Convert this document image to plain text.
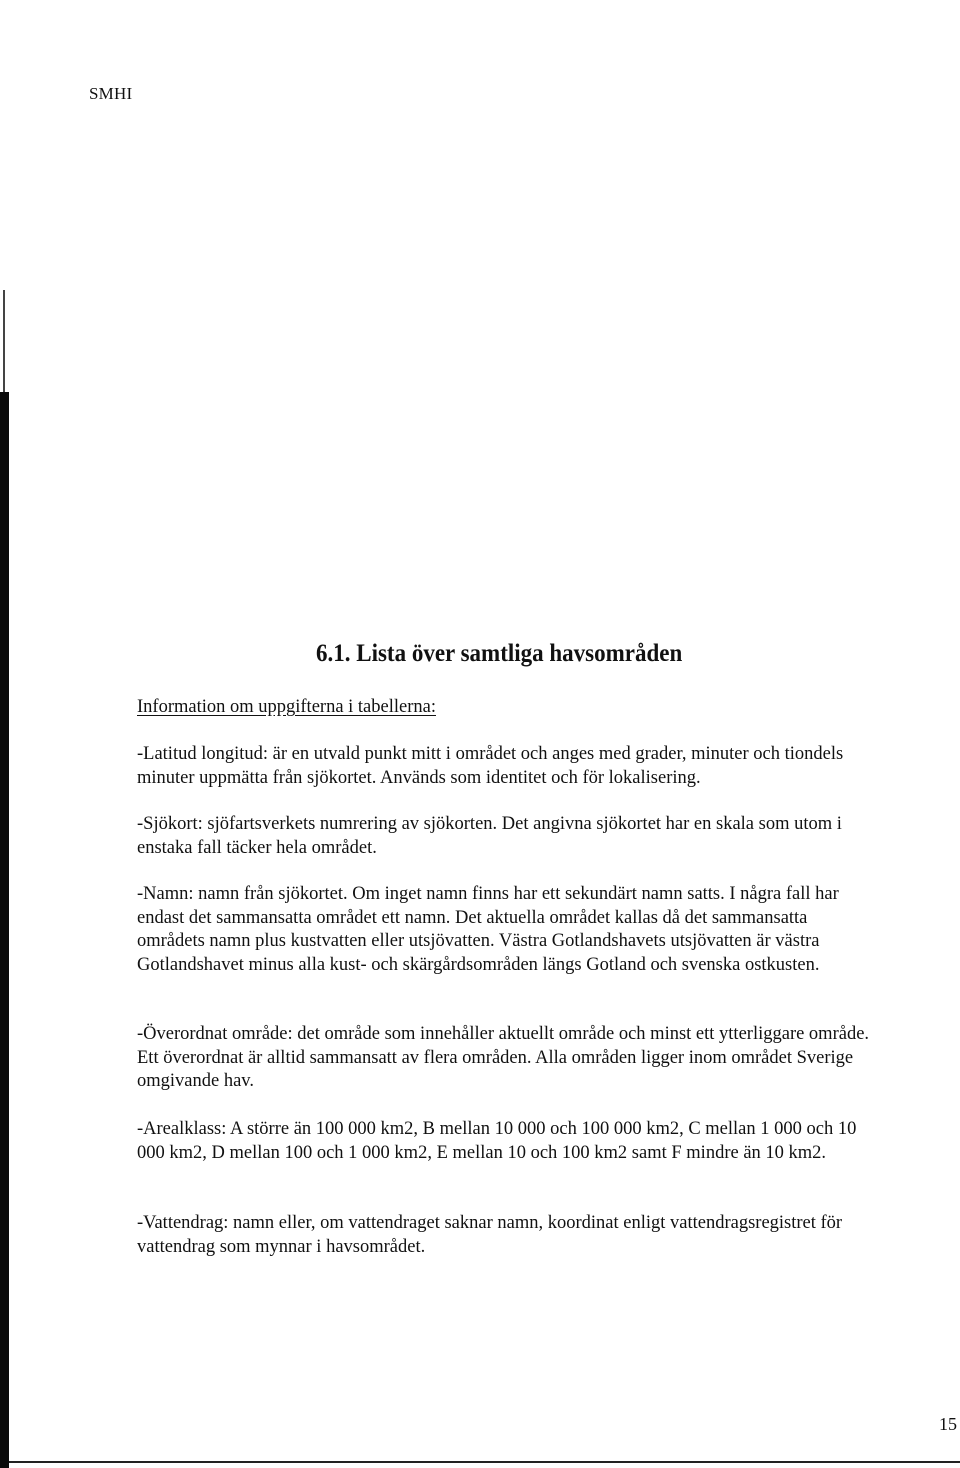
SMHI
6.1. Lista över samtliga havsområden
Information om uppgifterna i tabellerna:

-Latitud longitud: är en utvald punkt mitt i området och anges med grader, minuter och tiondels minuter uppmätta från sjökortet. Används som identitet och för lokalisering.

-Sjökort: sjöfartsverkets numrering av sjökorten. Det angivna sjökortet har en skala som utom i enstaka fall täcker hela området.

-Namn: namn från sjökortet. Om inget namn finns har ett sekundärt namn satts. I några fall har endast det sammansatta området ett namn. Det aktuella området kallas då det sammansatta områdets namn plus kustvatten eller utsjövatten. Västra Gotlandshavets utsjövatten är västra Gotlandshavet minus alla kust- och skärgårdsområden längs Gotland och svenska ostkusten.

-Överordnat område: det område som innehåller aktuellt område och minst ett ytterliggare område. Ett överordnat är alltid sammansatt av flera områden. Alla områden ligger inom området Sverige omgivande hav.

-Arealklass: A större än 100 000 km2, B mellan 10 000 och 100 000 km2, C mellan 1 000 och 10 000 km2, D mellan 100 och 1 000 km2, E mellan 10 och 100 km2 samt F mindre än 10 km2.

-Vattendrag: namn eller, om vattendraget saknar namn, koordinat enligt vattendragsregistret för vattendrag som mynnar i havsområdet.

15
